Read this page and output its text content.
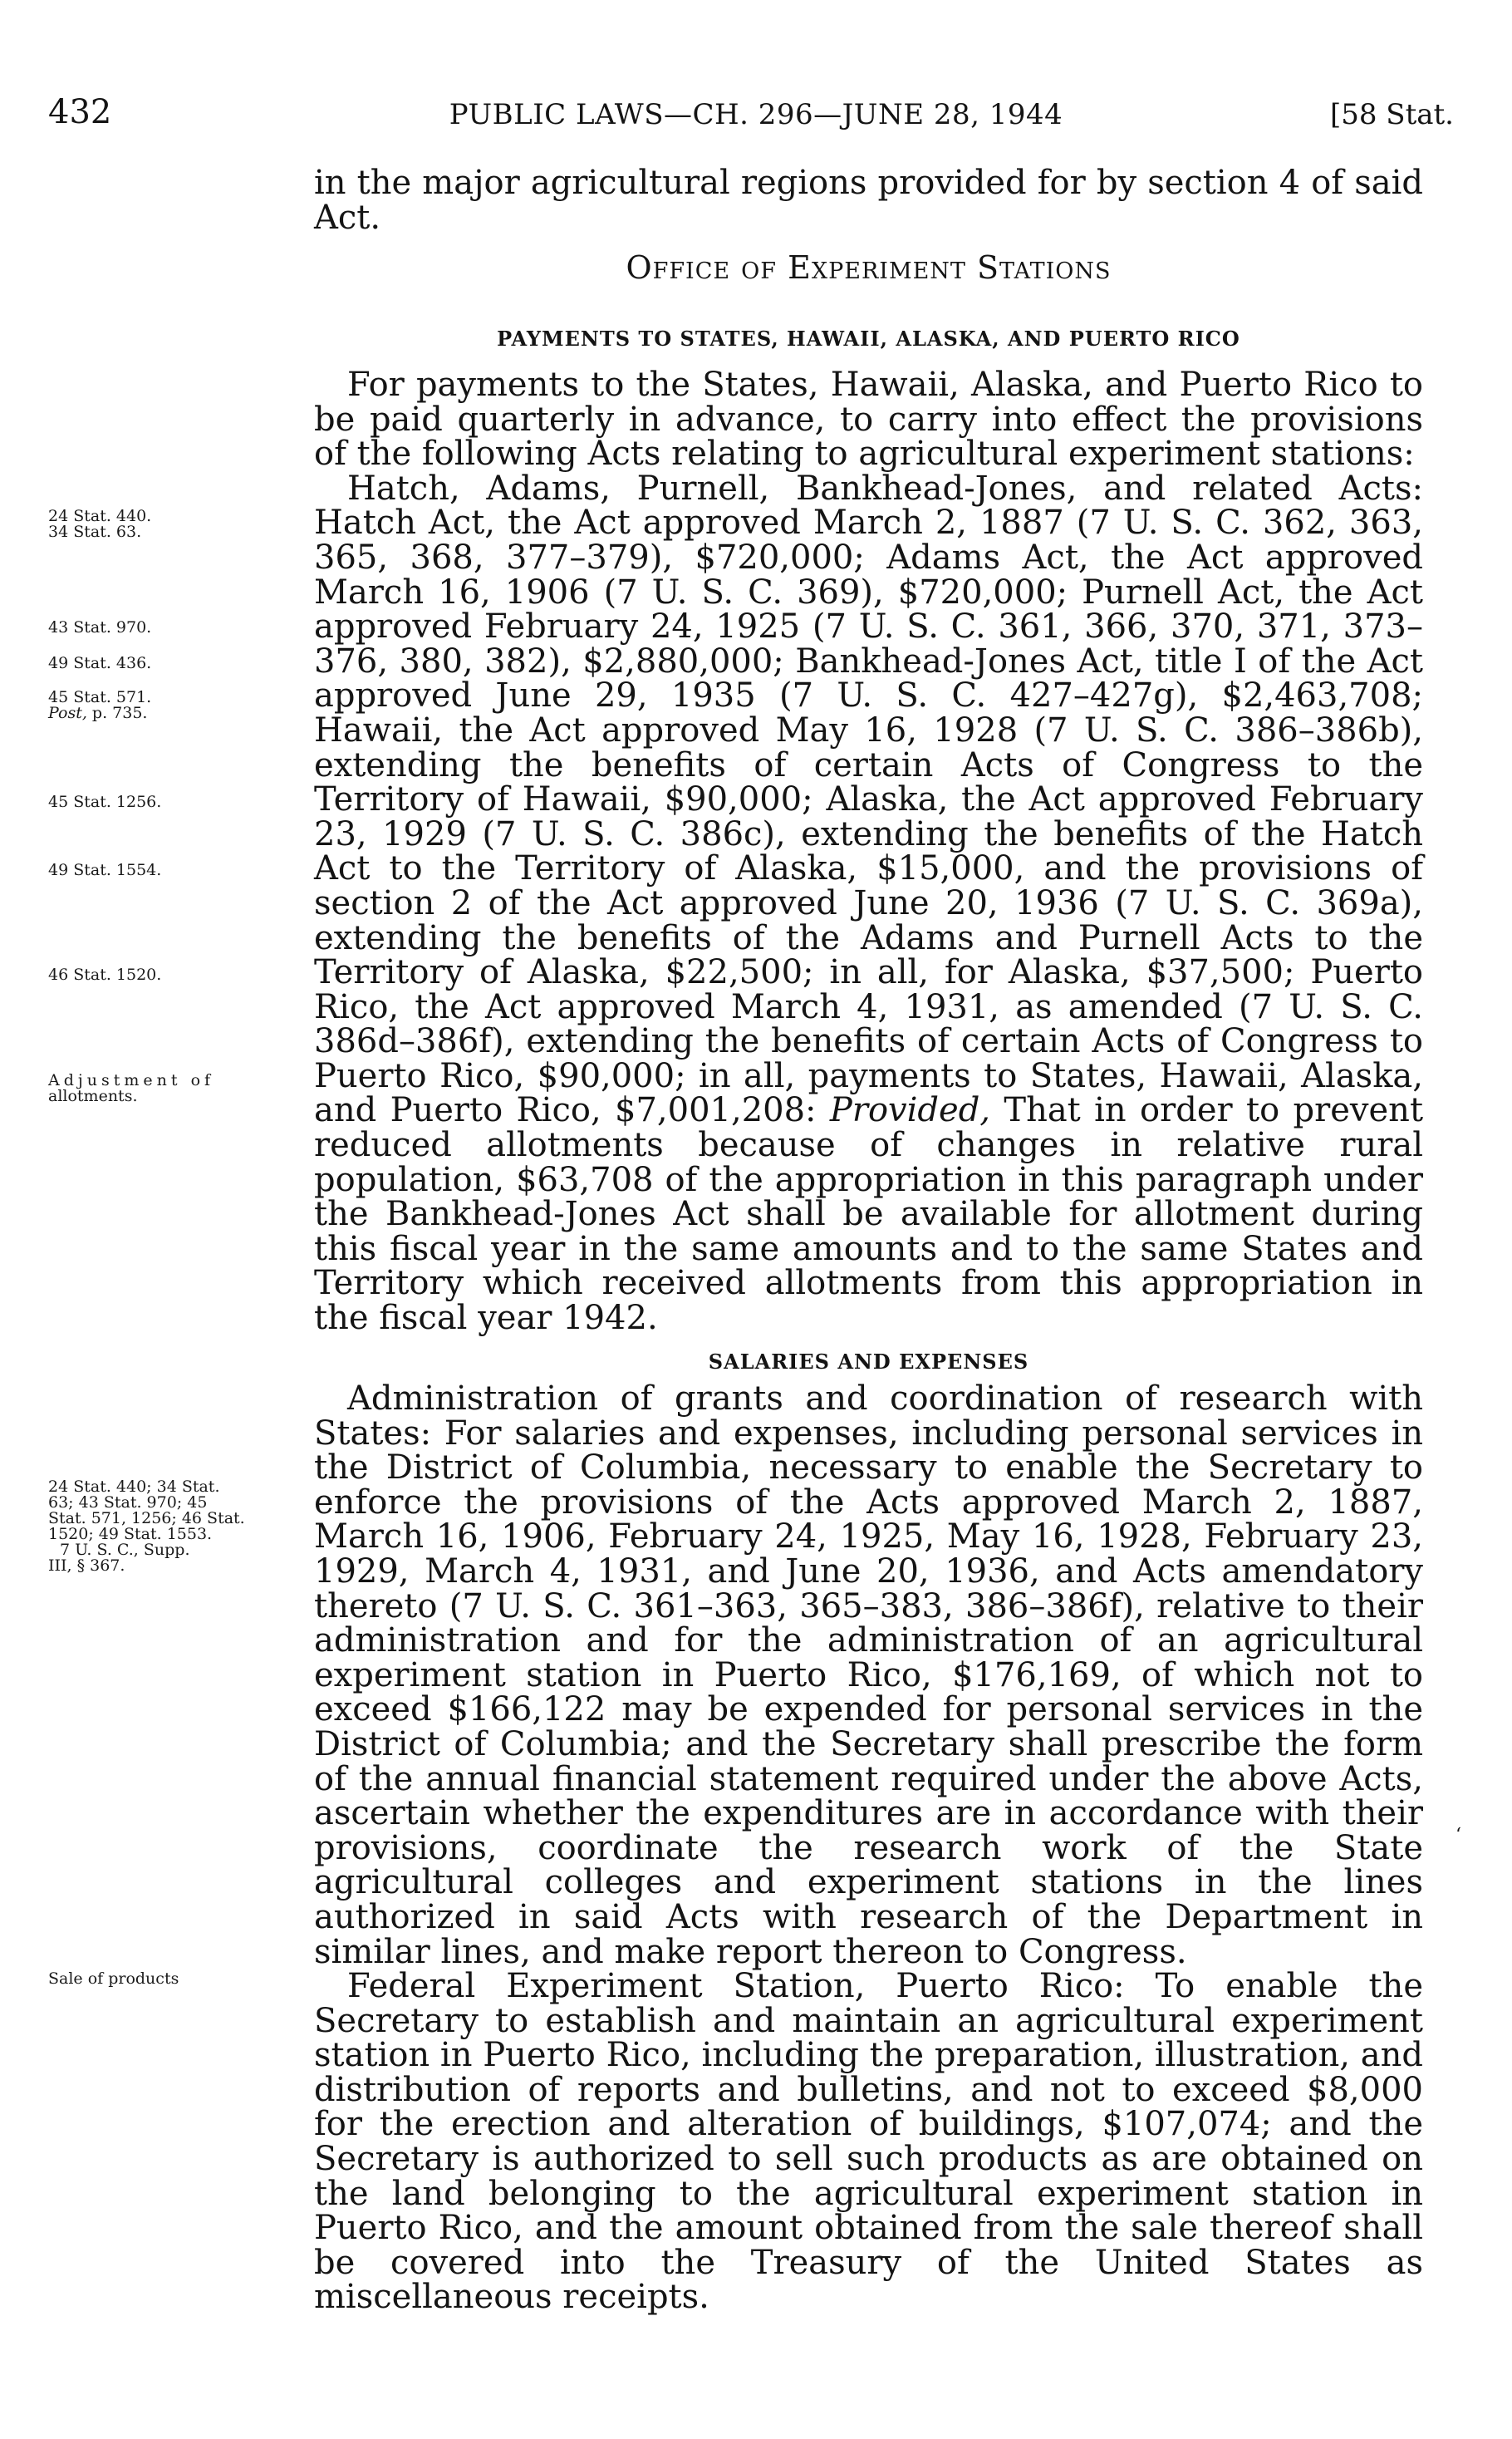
432	PUBLIC LAWS—CH. 296—JUNE 28, 1944	[58 Stat.

in the major agricultural regions provided for by section 4 of said Act.

Office of Experiment Stations
PAYMENTS TO STATES, HAWAII, ALASKA, AND PUERTO RICO

For payments to the States, Hawaii, Alaska, and Puerto Rico to be paid quarterly in advance, to carry into effect the provisions of the following Acts relating to agricultural experiment stations:

Hatch, Adams, Purnell, Bankhead-Jones, and related Acts: Hatch Act, the Act approved March 2, 1887 (7 U. S. C. 362, 363, 365, 368, 377–379), $720,000; Adams Act, the Act approved March 16, 1906 (7 U. S. C. 369), $720,000; Purnell Act, the Act approved February 24, 1925 (7 U. S. C. 361, 366, 370, 371, 373–376, 380, 382), $2,880,000; Bankhead-Jones Act, title I of the Act approved June 29, 1935 (7 U. S. C. 427–427g), $2,463,708; Hawaii, the Act approved May 16, 1928 (7 U. S. C. 386–386b), extending the benefits of certain Acts of Congress to the Territory of Hawaii, $90,000; Alaska, the Act approved February 23, 1929 (7 U. S. C. 386c), extending the benefits of the Hatch Act to the Territory of Alaska, $15,000, and the provisions of section 2 of the Act approved June 20, 1936 (7 U. S. C. 369a), extending the benefits of the Adams and Purnell Acts to the Territory of Alaska, $22,500; in all, for Alaska, $37,500; Puerto Rico, the Act approved March 4, 1931, as amended (7 U. S. C. 386d–386f), extending the benefits of certain Acts of Congress to Puerto Rico, $90,000; in all, payments to States, Hawaii, Alaska, and Puerto Rico, $7,001,208: Provided, That in order to prevent reduced allotments because of changes in relative rural population, $63,708 of the appropriation in this paragraph under the Bankhead-Jones Act shall be available for allotment during this fiscal year in the same amounts and to the same States and Territory which received allotments from this appropriation in the fiscal year 1942.

SALARIES AND EXPENSES

Administration of grants and coordination of research with States: For salaries and expenses, including personal services in the District of Columbia, necessary to enable the Secretary to enforce the provisions of the Acts approved March 2, 1887, March 16, 1906, February 24, 1925, May 16, 1928, February 23, 1929, March 4, 1931, and June 20, 1936, and Acts amendatory thereto (7 U. S. C. 361–363, 365–383, 386–386f), relative to their administration and for the administration of an agricultural experiment station in Puerto Rico, $176,169, of which not to exceed $166,122 may be expended for personal services in the District of Columbia; and the Secretary shall prescribe the form of the annual financial statement required under the above Acts, ascertain whether the expenditures are in accordance with their provisions, coordinate the research work of the State agricultural colleges and experiment stations in the lines authorized in said Acts with research of the Department in similar lines, and make report thereon to Congress.

Federal Experiment Station, Puerto Rico: To enable the Secretary to establish and maintain an agricultural experiment station in Puerto Rico, including the preparation, illustration, and distribution of reports and bulletins, and not to exceed $8,000 for the erection and alteration of buildings, $107,074; and the Secretary is authorized to sell such products as are obtained on the land belonging to the agricultural experiment station in Puerto Rico, and the amount obtained from the sale thereof shall be covered into the Treasury of the United States as miscellaneous receipts.

24 Stat. 440.
34 Stat. 63.
43 Stat. 970.
49 Stat. 436.
45 Stat. 571.
Post, p. 735.
45 Stat. 1256.
49 Stat. 1554.
46 Stat. 1520.
Adjustment of
allotments.
24 Stat. 440; 34 Stat.
63; 43 Stat. 970; 45
Stat. 571, 1256; 46 Stat.
1520; 49 Stat. 1553.
7 U. S. C., Supp.
III, § 367.
Sale of products
ʻ
